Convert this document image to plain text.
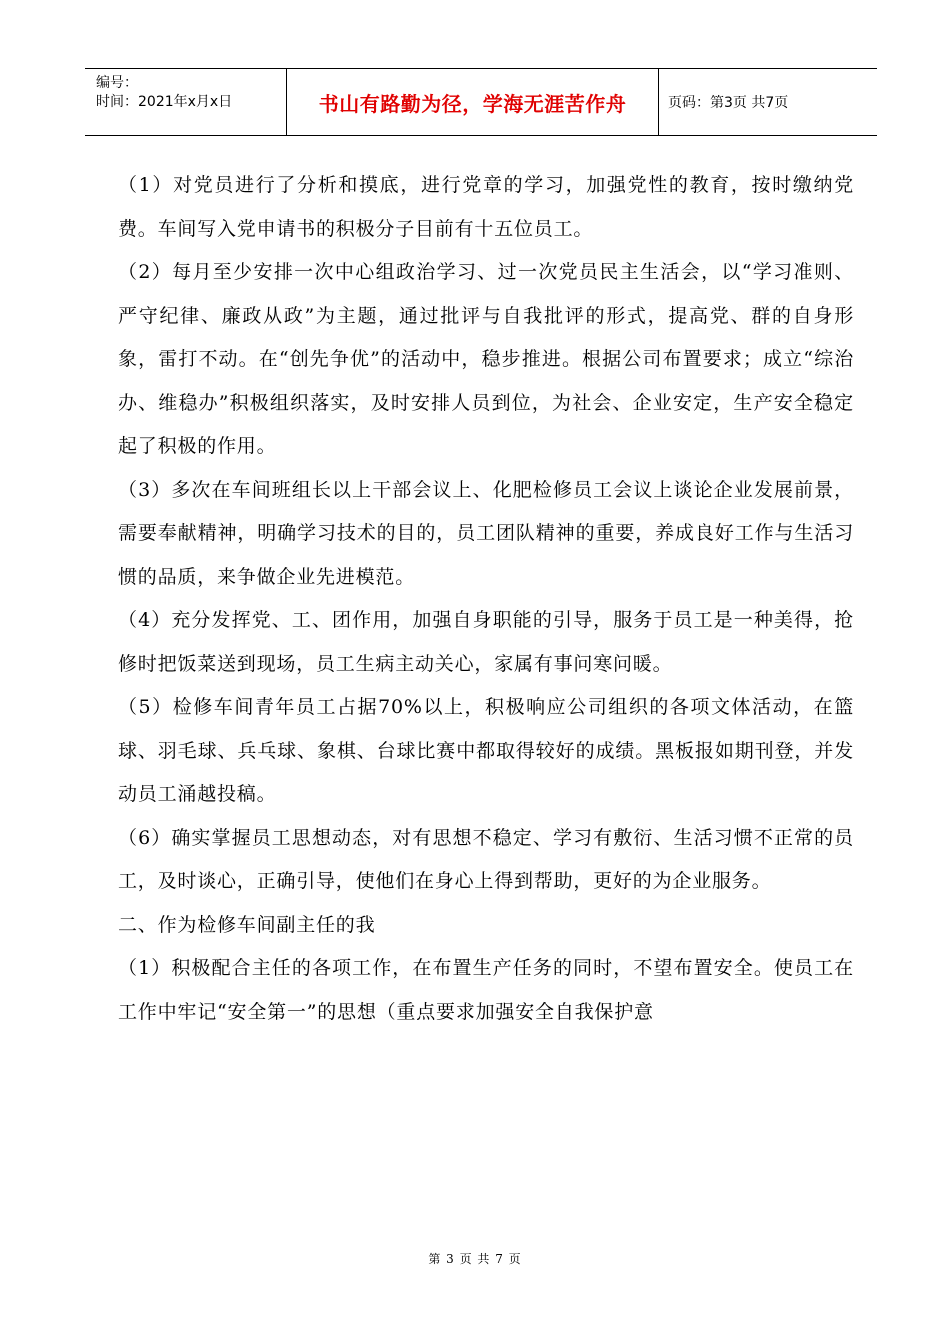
编号：
时间：2021年x月x日	书山有路勤为径，学海无涯苦作舟	页码：第3页 共7页

（1）对党员进行了分析和摸底，进行党章的学习，加强党性的教育，按时缴纳党费。车间写入党申请书的积极分子目前有十五位员工。

（2）每月至少安排一次中心组政治学习、过一次党员民主生活会，以“学习准则、严守纪律、廉政从政”为主题，通过批评与自我批评的形式，提高党、群的自身形象，雷打不动。在“创先争优”的活动中，稳步推进。根据公司布置要求；成立“综治办、维稳办”积极组织落实，及时安排人员到位，为社会、企业安定，生产安全稳定起了积极的作用。

（3）多次在车间班组长以上干部会议上、化肥检修员工会议上谈论企业发展前景，需要奉献精神，明确学习技术的目的，员工团队精神的重要，养成良好工作与生活习惯的品质，来争做企业先进模范。

（4）充分发挥党、工、团作用，加强自身职能的引导，服务于员工是一种美得，抢修时把饭菜送到现场，员工生病主动关心，家属有事问寒问暖。

（5）检修车间青年员工占据70%以上，积极响应公司组织的各项文体活动，在篮球、羽毛球、兵乓球、象棋、台球比赛中都取得较好的成绩。黑板报如期刊登，并发动员工涌越投稿。

（6）确实掌握员工思想动态，对有思想不稳定、学习有敷衍、生活习惯不正常的员工，及时谈心，正确引导，使他们在身心上得到帮助，更好的为企业服务。

二、作为检修车间副主任的我

（1）积极配合主任的各项工作，在布置生产任务的同时，不望布置安全。使员工在工作中牢记“安全第一”的思想（重点要求加强安全自我保护意

第 3 页 共 7 页
